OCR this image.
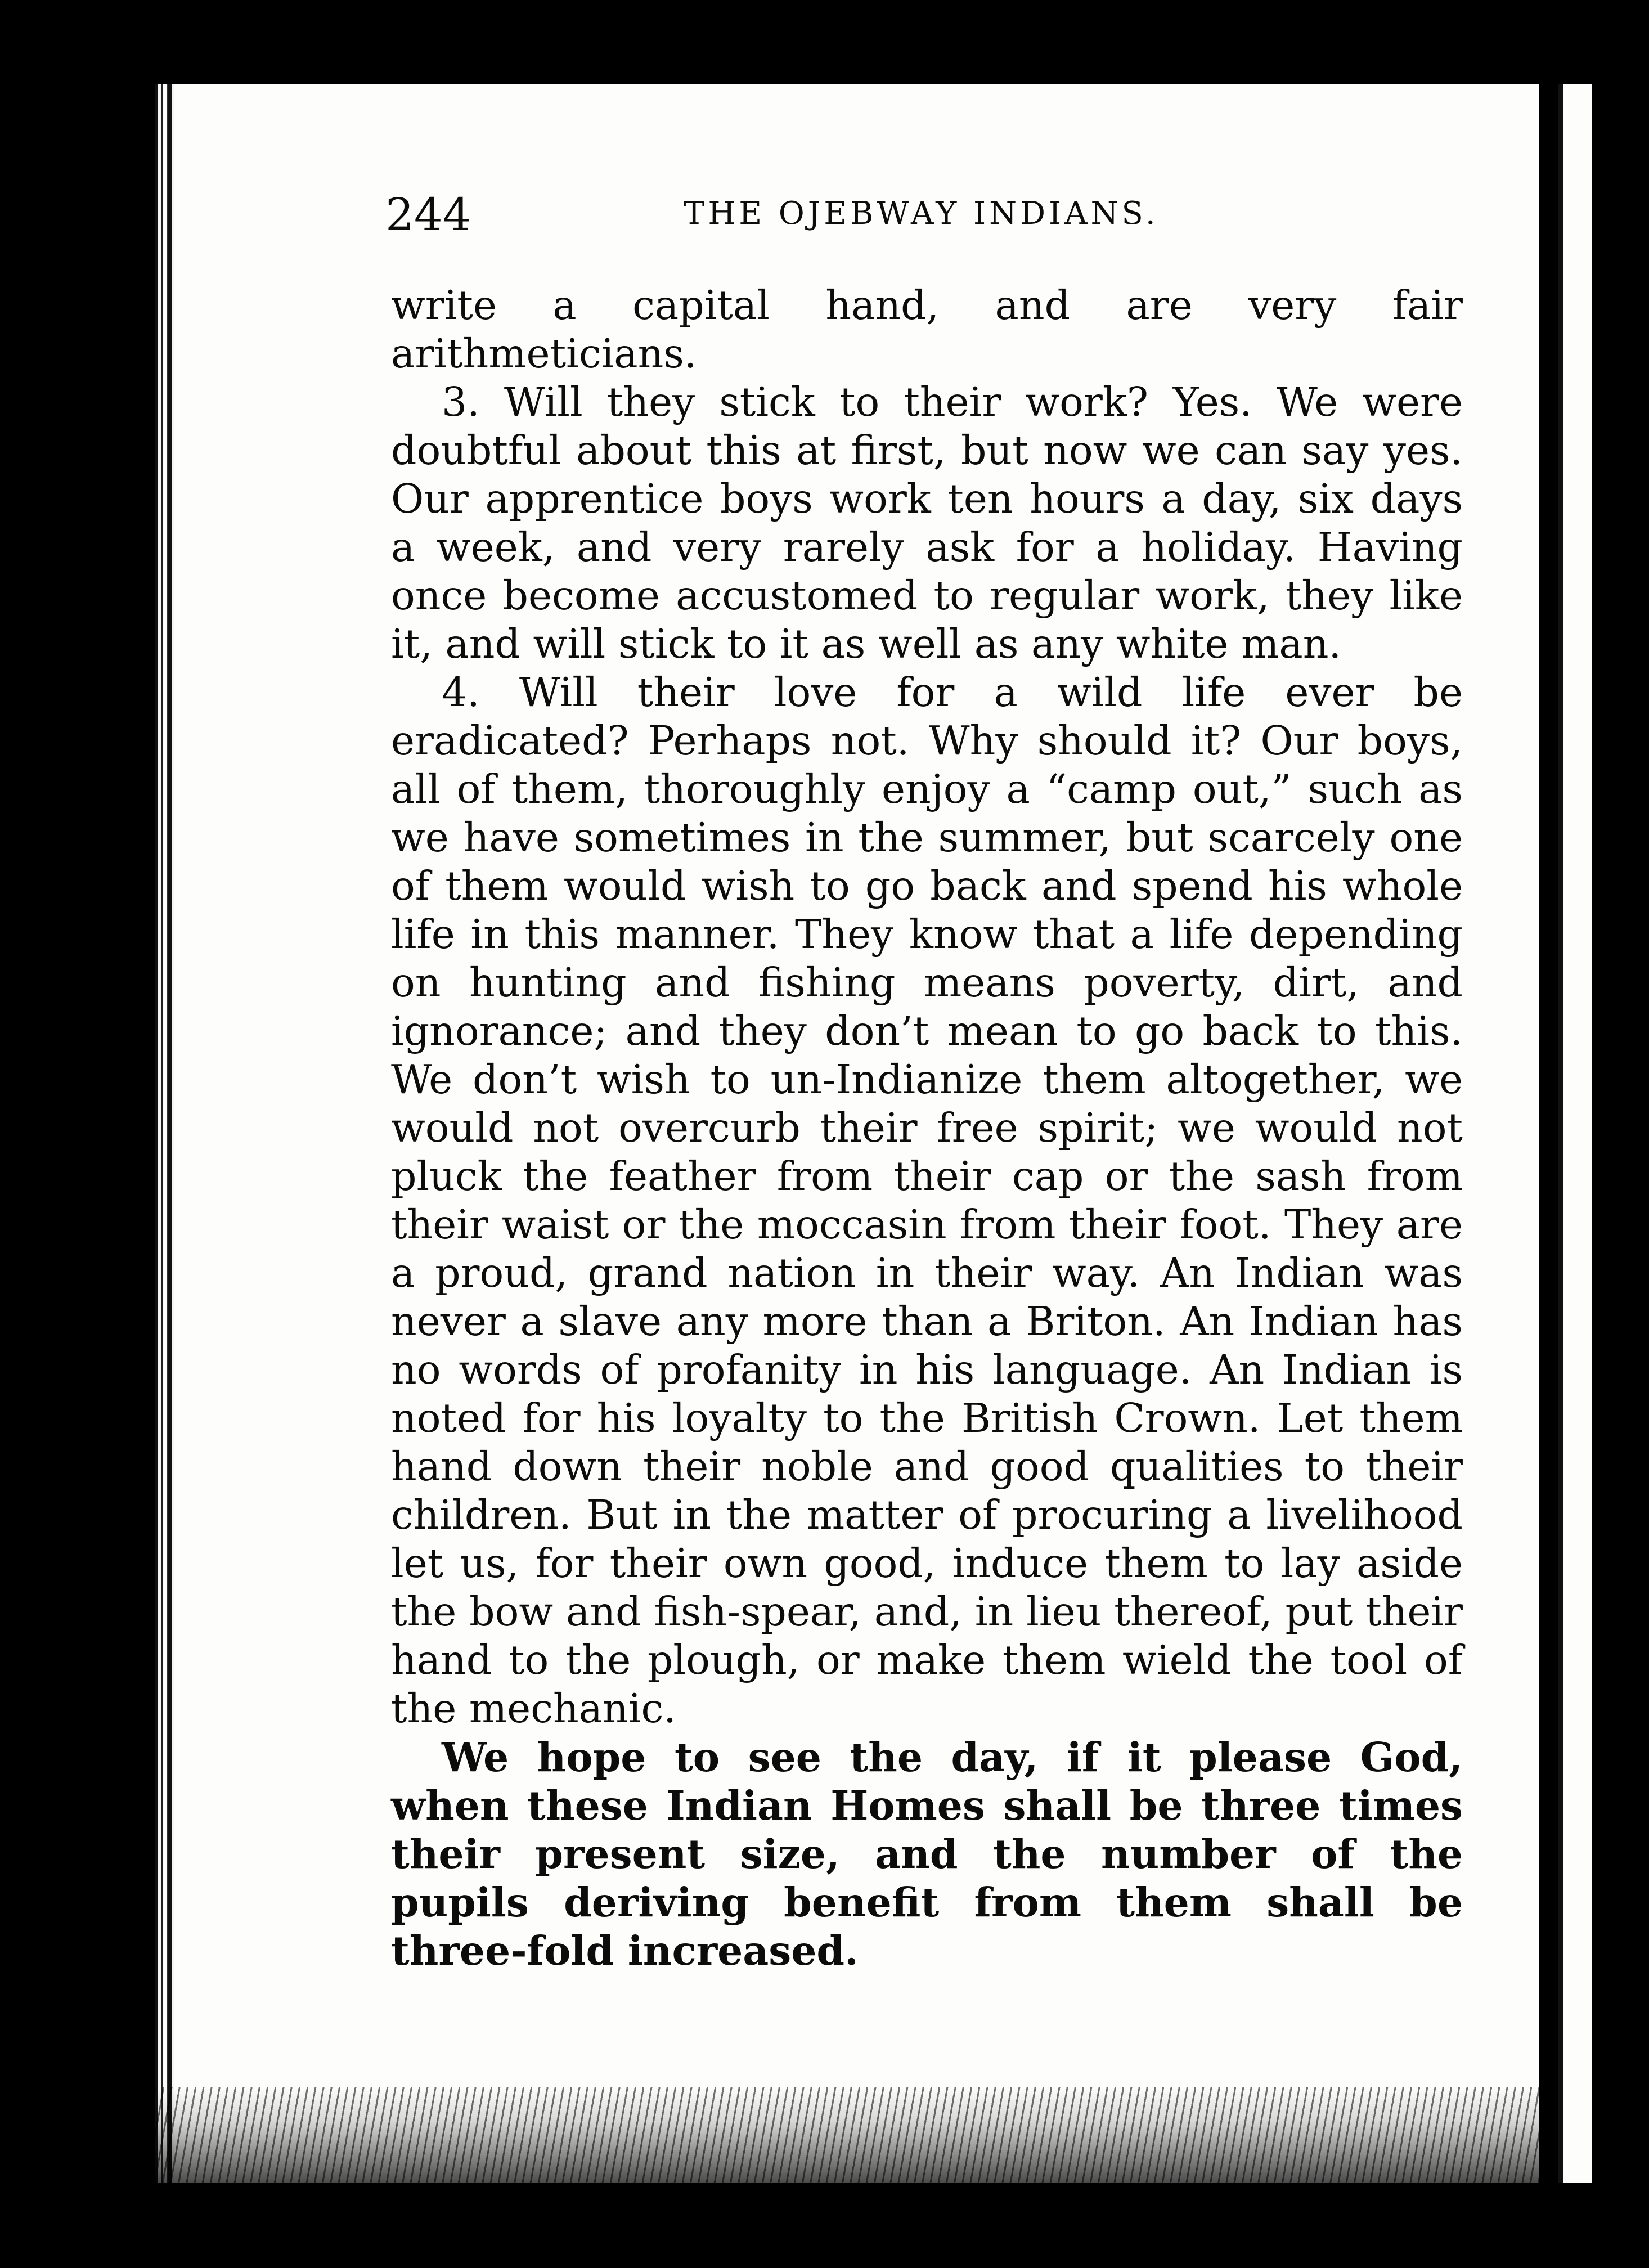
244	THE OJEBWAY INDIANS.

write a capital hand, and are very fair arithmeticians.

3. Will they stick to their work? Yes. We were doubtful about this at first, but now we can say yes. Our apprentice boys work ten hours a day, six days a week, and very rarely ask for a holiday. Having once become accustomed to regular work, they like it, and will stick to it as well as any white man.

4. Will their love for a wild life ever be eradicated? Perhaps not. Why should it? Our boys, all of them, thoroughly enjoy a “camp out,” such as we have sometimes in the summer, but scarcely one of them would wish to go back and spend his whole life in this manner. They know that a life depending on hunting and fishing means poverty, dirt, and ignorance; and they don’t mean to go back to this. We don’t wish to un-Indianize them altogether, we would not overcurb their free spirit; we would not pluck the feather from their cap or the sash from their waist or the moccasin from their foot. They are a proud, grand nation in their way. An Indian was never a slave any more than a Briton. An Indian has no words of profanity in his language. An Indian is noted for his loyalty to the British Crown. Let them hand down their noble and good qualities to their children. But in the matter of procuring a livelihood let us, for their own good, induce them to lay aside the bow and fish-spear, and, in lieu thereof, put their hand to the plough, or make them wield the tool of the mechanic.

We hope to see the day, if it please God, when these Indian Homes shall be three times their present size, and the number of the pupils deriving benefit from them shall be three-fold increased.
